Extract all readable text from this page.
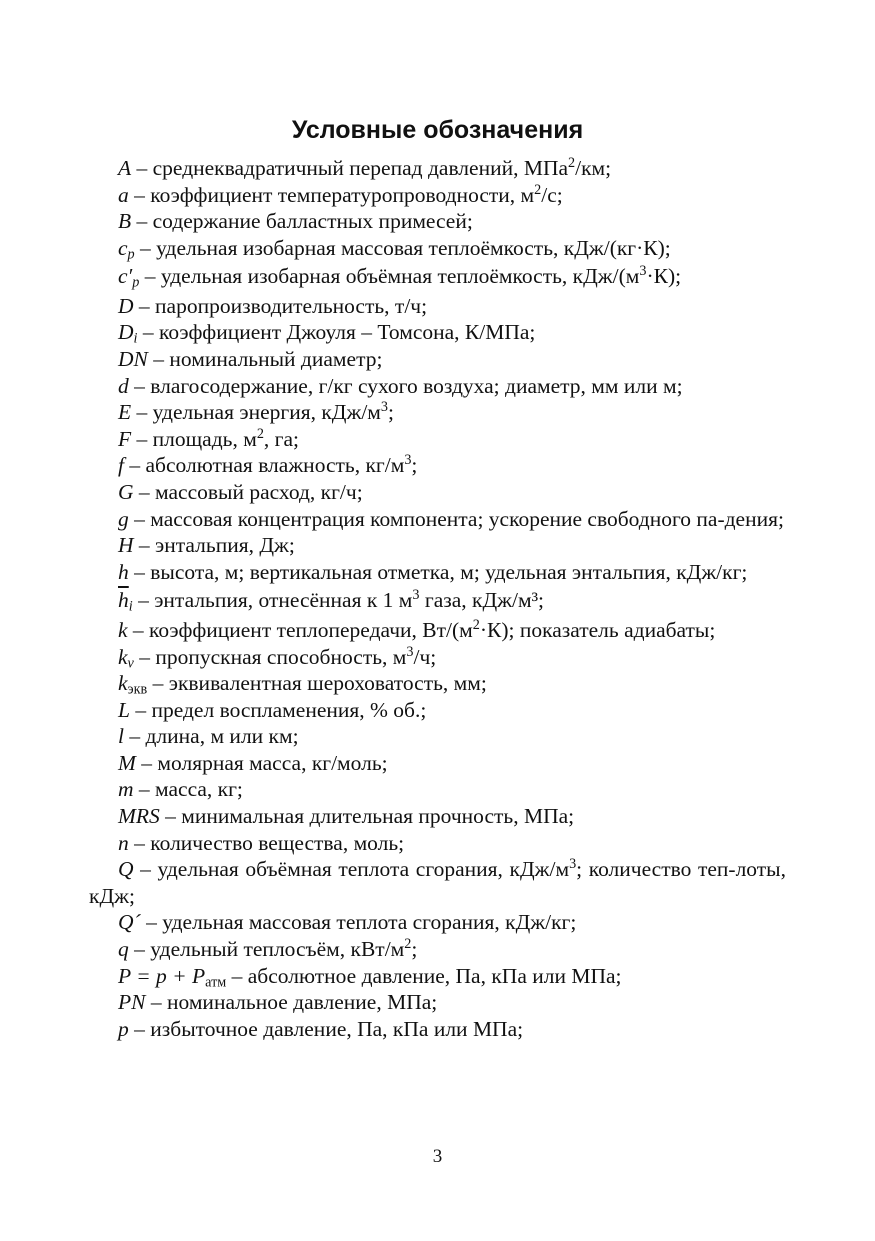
Условные обозначения

A – среднеквадратичный перепад давлений, МПа$^2$/км;

a – коэффициент температуропроводности, $м^2/с$;

B – содержание балластных примесей;

cp – удельная изобарная массовая теплоёмкость, кДж/(кг·К);

c′p – удельная изобарная объёмная теплоёмкость, кДж/$(м^3\cdot К)$;

D – паропроизводительность, т/ч;

Di – коэффициент Джоуля – Томсона, К/МПа;

DN – номинальный диаметр;

d – влагосодержание, г/кг сухого воздуха; диаметр, мм или м;

E – удельная энергия, кДж/$м^3$;

F – площадь, $м^2$, га;

f – абсолютная влажность, $кг/м^3$;

G – массовый расход, кг/ч;

g – массовая концентрация компонента; ускорение свободного па-дения;

H – энтальпия, Дж;

h – высота, м; вертикальная отметка, м; удельная энтальпия, кДж/кг;

$\overline{h}i$ – энтальпия, отнесённая к 1 $м^3$ газа, кДж/м³;

k – коэффициент теплопередачи, $Вт/(м^2\cdot К)$; показатель адиабаты;

kv – пропускная способность, $м^3/ч$;

$k_{экв}$ – эквивалентная шероховатость, мм;

L – предел воспламенения, % об.;

l – длина, м или км;

M – молярная масса, кг/моль;

m – масса, кг;

MRS – минимальная длительная прочность, МПа;

n – количество вещества, моль;

Q – удельная объёмная теплота сгорания, кДж/$м^3$; количество теп-лоты, кДж;

Q´ – удельная массовая теплота сгорания, кДж/кг;

q – удельный теплосъём, кВт/$м^2$;

$P = p + P_{атм}$ – абсолютное давление, Па, кПа или МПа;

PN – номинальное давление, МПа;

p – избыточное давление, Па, кПа или МПа;

3
